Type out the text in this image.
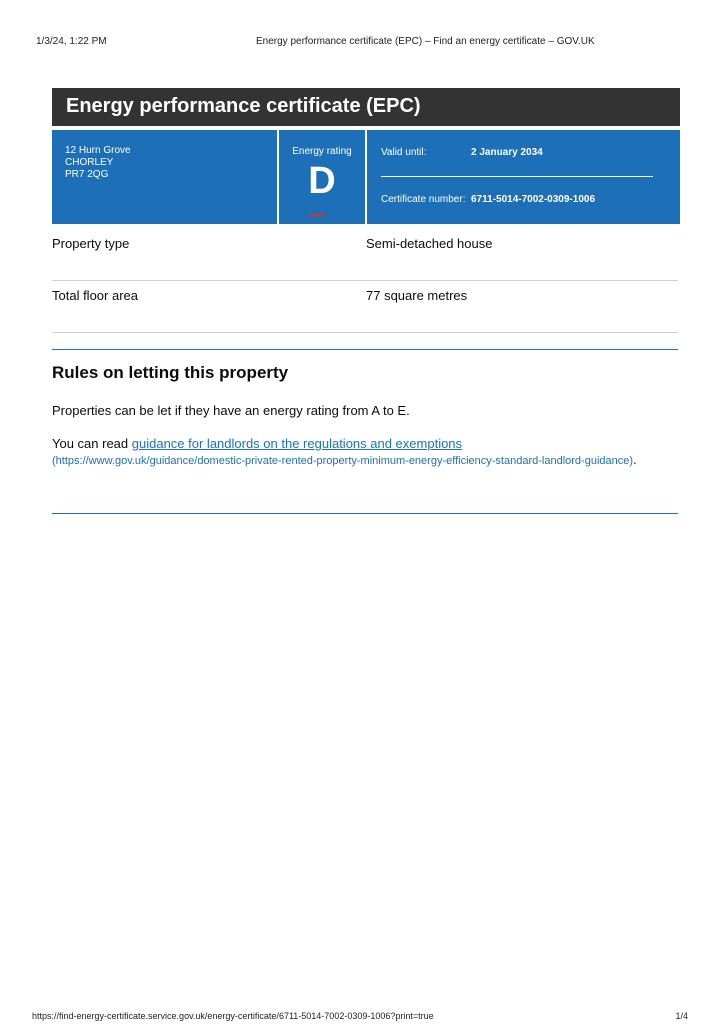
1/3/24, 1:22 PM	Energy performance certificate (EPC) – Find an energy certificate – GOV.UK
Energy performance certificate (EPC)
12 Hurn Grove
CHORLEY
PR7 2QG
Energy rating
D
Valid until:	2 January 2034
Certificate number: 6711-5014-7002-0309-1006
Property type	Semi-detached house
Total floor area	77 square metres
Rules on letting this property

Properties can be let if they have an energy rating from A to E.

You can read guidance for landlords on the regulations and exemptions
(https://www.gov.uk/guidance/domestic-private-rented-property-minimum-energy-efficiency-standard-landlord-guidance).

https://find-energy-certificate.service.gov.uk/energy-certificate/6711-5014-7002-0309-1006?print=true	1/4
